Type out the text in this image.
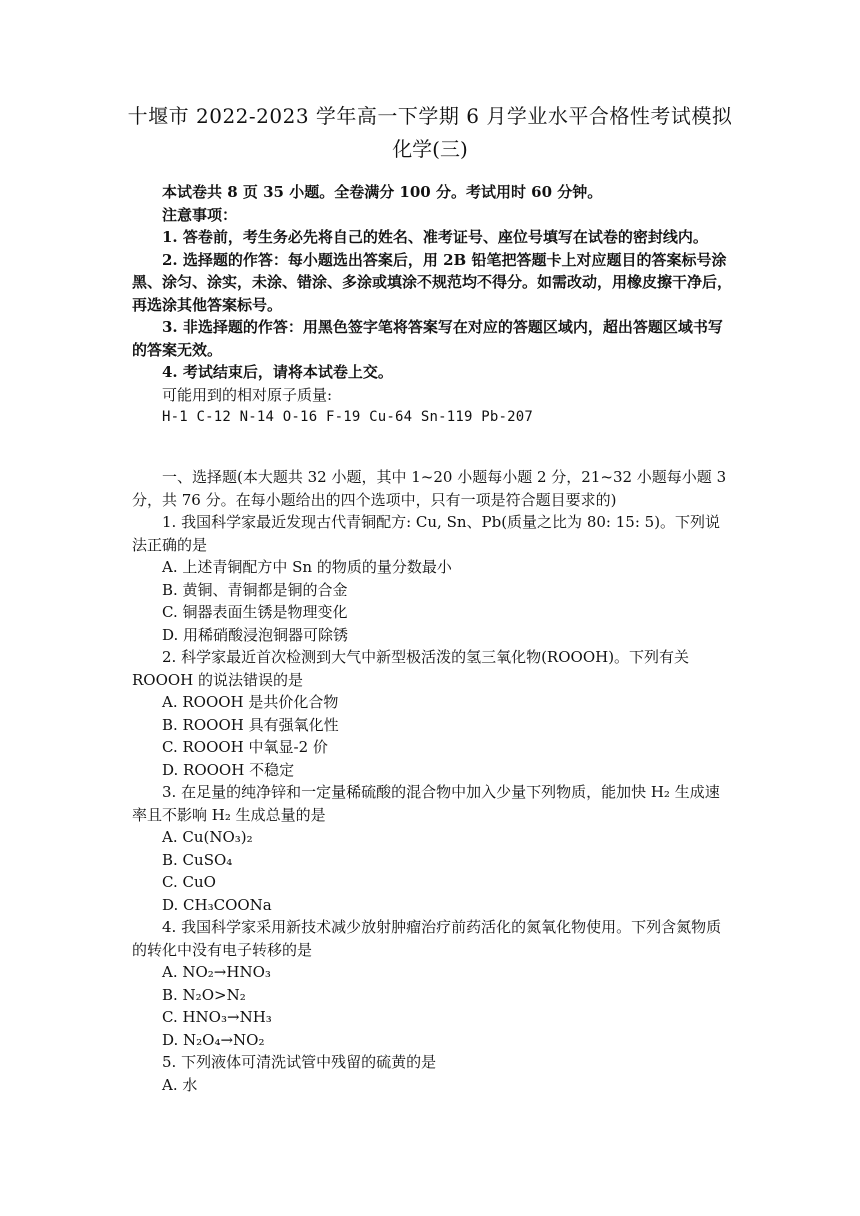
十堰市 2022-2023 学年高一下学期 6 月学业水平合格性考试模拟
化学(三)

本试卷共 8 页 35 小题。全卷满分 100 分。考试用时 60 分钟。

注意事项：

1. 答卷前，考生务必先将自己的姓名、准考证号、座位号填写在试卷的密封线内。

2. 选择题的作答：每小题选出答案后，用 2B 铅笔把答题卡上对应题目的答案标号涂黑、涂匀、涂实，未涂、错涂、多涂或填涂不规范均不得分。如需改动，用橡皮擦干净后，再选涂其他答案标号。

3. 非选择题的作答：用黑色签字笔将答案写在对应的答题区域内，超出答题区域书写的答案无效。

4. 考试结束后，请将本试卷上交。

可能用到的相对原子质量:

H-1 C-12 N-14 O-16 F-19 Cu-64 Sn-119 Pb-207

一、选择题(本大题共 32 小题，其中 1~20 小题每小题 2 分，21~32 小题每小题 3 分，共 76 分。在每小题给出的四个选项中，只有一项是符合题目要求的)

1. 我国科学家最近发现古代青铜配方: Cu, Sn、Pb(质量之比为 80: 15: 5)。下列说法正确的是

A. 上述青铜配方中 Sn 的物质的量分数最小

B. 黄铜、青铜都是铜的合金

C. 铜器表面生锈是物理变化

D. 用稀硝酸浸泡铜器可除锈

2. 科学家最近首次检测到大气中新型极活泼的氢三氧化物(ROOOH)。下列有关 ROOOH 的说法错误的是

A. ROOOH 是共价化合物

B. ROOOH 具有强氧化性

C. ROOOH 中氧显-2 价

D. ROOOH 不稳定

3. 在足量的纯净锌和一定量稀硫酸的混合物中加入少量下列物质，能加快 H₂ 生成速率且不影响 H₂ 生成总量的是

A. Cu(NO₃)₂

B. CuSO₄

C. CuO

D. CH₃COONa

4. 我国科学家采用新技术减少放射肿瘤治疗前药活化的氮氧化物使用。下列含氮物质的转化中没有电子转移的是

A. NO₂→HNO₃

B. N₂O>N₂

C. HNO₃→NH₃

D. N₂O₄→NO₂

5. 下列液体可清洗试管中残留的硫黄的是

A. 水
